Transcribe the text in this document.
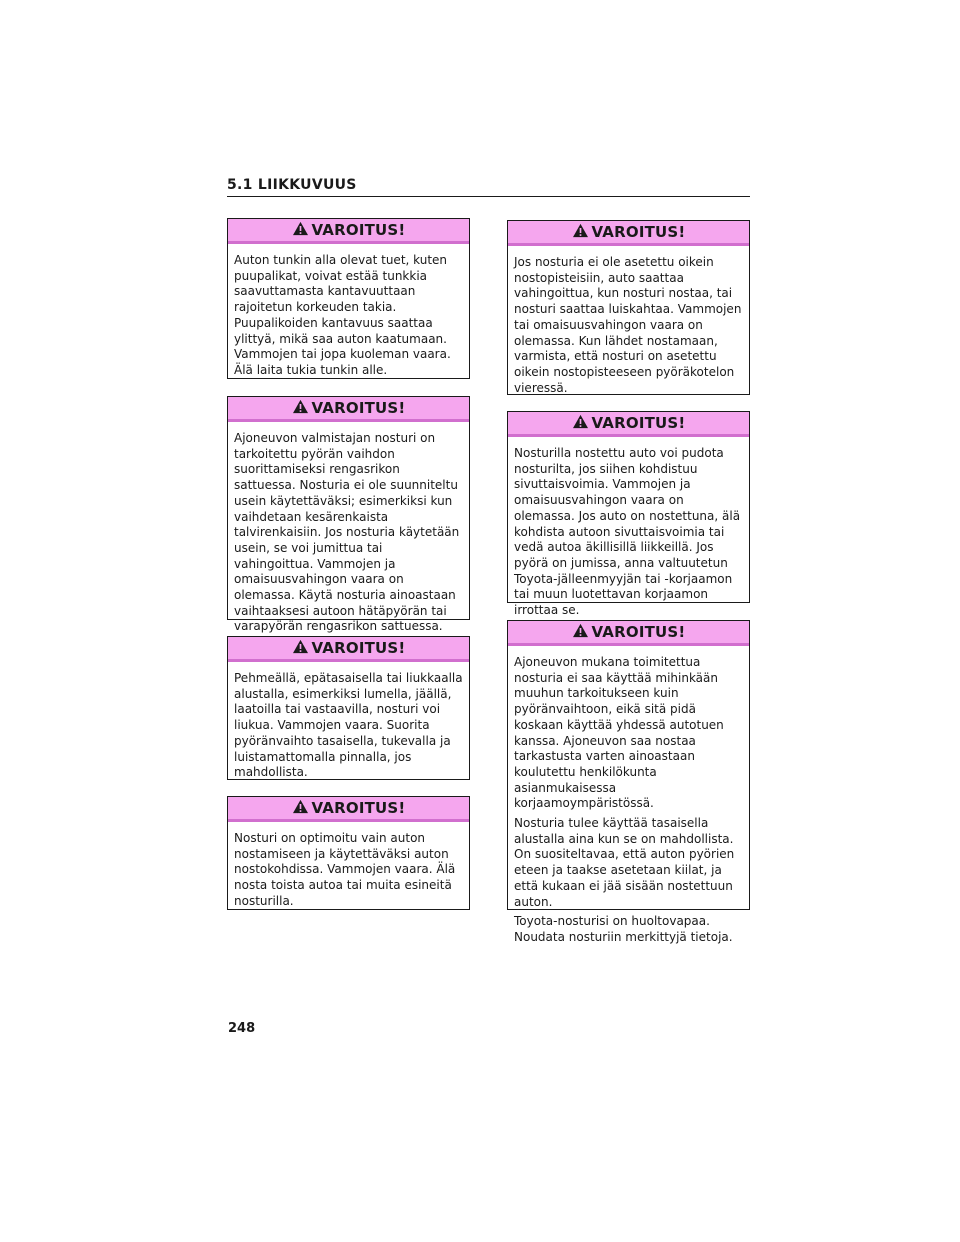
5.1 LIIKKUVUUS
VAROITUS!

Auton tunkin alla olevat tuet, kuten puupalikat, voivat estää tunkkia saavuttamasta kantavuuttaan rajoitetun korkeuden takia. Puupalikoiden kantavuus saattaa ylittyä, mikä saa auton kaatumaan. Vammojen tai jopa kuoleman vaara. Älä laita tukia tunkin alle.

VAROITUS!

Ajoneuvon valmistajan nosturi on tarkoitettu pyörän vaihdon suorittamiseksi rengasrikon sattuessa. Nosturia ei ole suunniteltu usein käytettäväksi; esimerkiksi kun vaihdetaan kesärenkaista talvirenkaisiin. Jos nosturia käytetään usein, se voi jumittua tai vahingoittua. Vammojen ja omaisuusvahingon vaara on olemassa. Käytä nosturia ainoastaan vaihtaaksesi autoon hätäpyörän tai varapyörän rengasrikon sattuessa.

VAROITUS!

Pehmeällä, epätasaisella tai liukkaalla alustalla, esimerkiksi lumella, jäällä, laatoilla tai vastaavilla, nosturi voi liukua. Vammojen vaara. Suorita pyöränvaihto tasaisella, tukevalla ja luistamattomalla pinnalla, jos mahdollista.

VAROITUS!

Nosturi on optimoitu vain auton nostamiseen ja käytettäväksi auton nostokohdissa. Vammojen vaara. Älä nosta toista autoa tai muita esineitä nosturilla.

VAROITUS!

Jos nosturia ei ole asetettu oikein nostopisteisiin, auto saattaa vahingoittua, kun nosturi nostaa, tai nosturi saattaa luiskahtaa. Vammojen tai omaisuusvahingon vaara on olemassa. Kun lähdet nostamaan, varmista, että nosturi on asetettu oikein nostopisteeseen pyöräkotelon vieressä.

VAROITUS!

Nosturilla nostettu auto voi pudota nosturilta, jos siihen kohdistuu sivuttaisvoimia. Vammojen ja omaisuusvahingon vaara on olemassa. Jos auto on nostettuna, älä kohdista autoon sivuttaisvoimia tai vedä autoa äkillisillä liikkeillä. Jos pyörä on jumissa, anna valtuutetun Toyota-jälleenmyyjän tai -korjaamon tai muun luotettavan korjaamon irrottaa se.

VAROITUS!

Ajoneuvon mukana toimitettua nosturia ei saa käyttää mihinkään muuhun tarkoitukseen kuin pyöränvaihtoon, eikä sitä pidä koskaan käyttää yhdessä autotuen kanssa. Ajoneuvon saa nostaa tarkastusta varten ainoastaan koulutettu henkilökunta asianmukaisessa korjaamoympäristössä.

Nosturia tulee käyttää tasaisella alustalla aina kun se on mahdollista. On suositeltavaa, että auton pyörien eteen ja taakse asetetaan kiilat, ja että kukaan ei jää sisään nostettuun auton.

Toyota-nosturisi on huoltovapaa. Noudata nosturiin merkittyjä tietoja.

248
